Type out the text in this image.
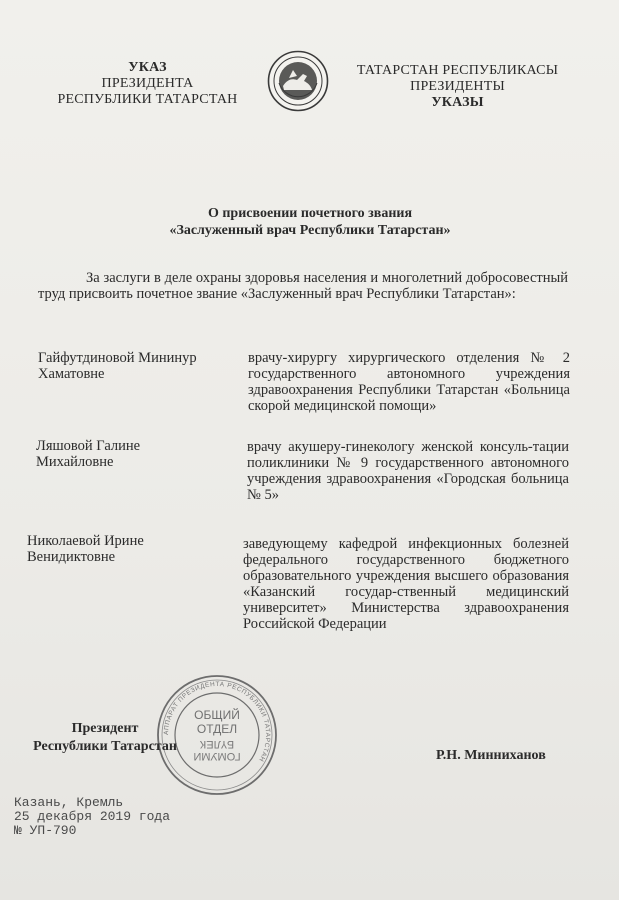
УКАЗ
ПРЕЗИДЕНТА
РЕСПУБЛИКИ ТАТАРСТАН
ТАТАРСТАН РЕСПУБЛИКАСЫ
ПРЕЗИДЕНТЫ
УКАЗЫ
О присвоении почетного звания
«Заслуженный врач Республики Татарстан»
За заслуги в деле охраны здоровья населения и многолетний добросовестный труд присвоить почетное звание «Заслуженный врач Республики Татарстан»:
Гайфутдиновой Мининур
Хаматовне
врачу-хирургу хирургического отделения № 2 государственного автономного учреждения здравоохранения Республики Татарстан «Больница скорой медицинской помощи»
Ляшовой Галине
Михайловне
врачу акушеру-гинекологу женской консуль-тации поликлиники № 9 государственного автономного учреждения здравоохранения «Городская больница № 5»
Николаевой Ирине
Венидиктовне
заведующему кафедрой инфекционных болезней федерального государственного бюджетного образовательного учреждения высшего образования «Казанский государ-ственный медицинский университет» Министерства здравоохранения Российской Федерации
АППАРАТ ПРЕЗИДЕНТА РЕСПУБЛИКИ ТАТАРСТАН
ОБЩИЙ
ОТДЕЛ
ГОМУМИ
БҮЛЕК
Президент
Республики Татарстан
Р.Н. Минниханов
Казань, Кремль
25 декабря 2019 года
№ УП-790
